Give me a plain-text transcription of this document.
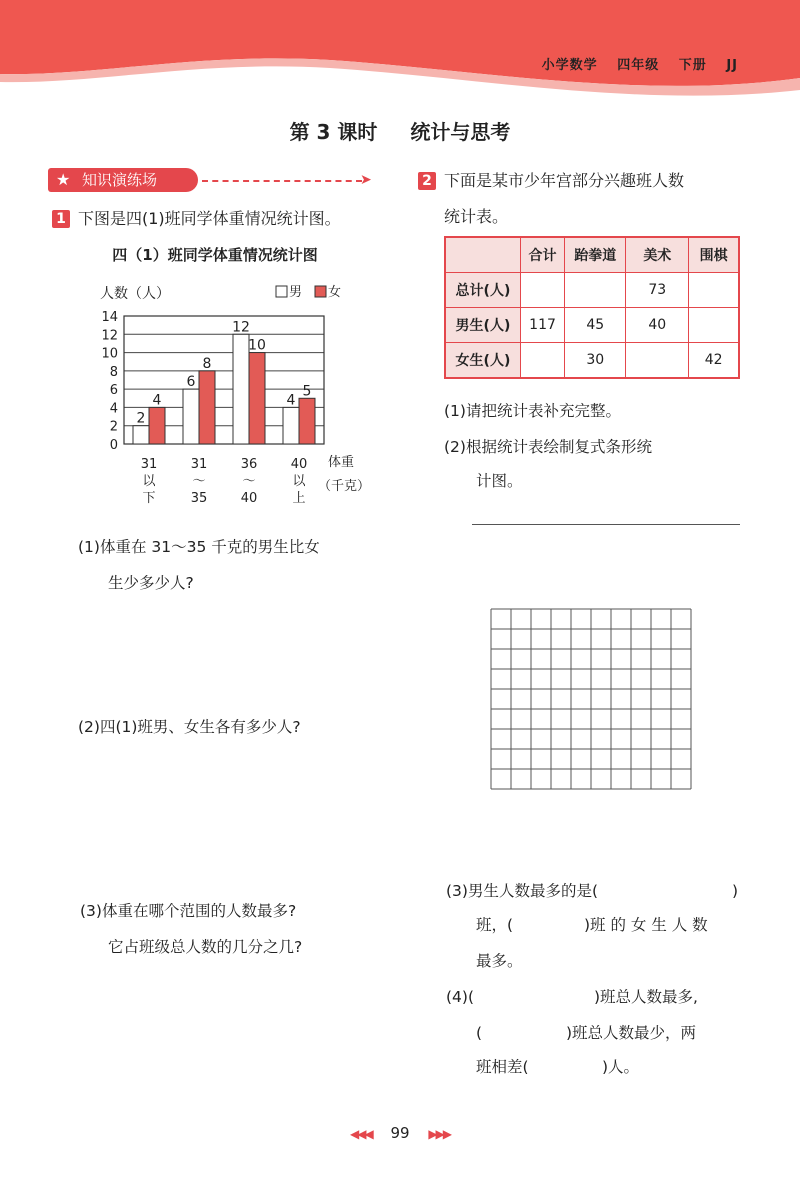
小学数学 四年级 下册 JJ
第 3 课时 统计与思考
★ 知识演练场	➤
1 下图是四(1)班同学体重情况统计图。
四（1）班同学体重情况统计图
人数（人）	男 女
0
2
4
6
8
10
12
14
2
4
31
以
下
6
8
31
～
35
12
10
36
～
40
4
5
40
以
上
体重
（千克）
(1)体重在 31～35 千克的男生比女
生少多少人?
(2)四(1)班男、女生各有多少人?
(3)体重在哪个范围的人数最多?
它占班级总人数的几分之几?
2 下面是某市少年宫部分兴趣班人数
统计表。
	合计	跆拳道	美术	围棋
总计(人)			73	
男生(人)	117	45	40	
女生(人)		30		42
(1)请把统计表补充完整。
(2)根据统计表绘制复式条形统
计图。
(3)男生人数最多的是(	)
班，(	)班 的 女 生 人 数
最多。
(4)(	)班总人数最多,
(	)班总人数最少，两
班相差(	)人。
◀◀◀ 99 ▶▶▶
